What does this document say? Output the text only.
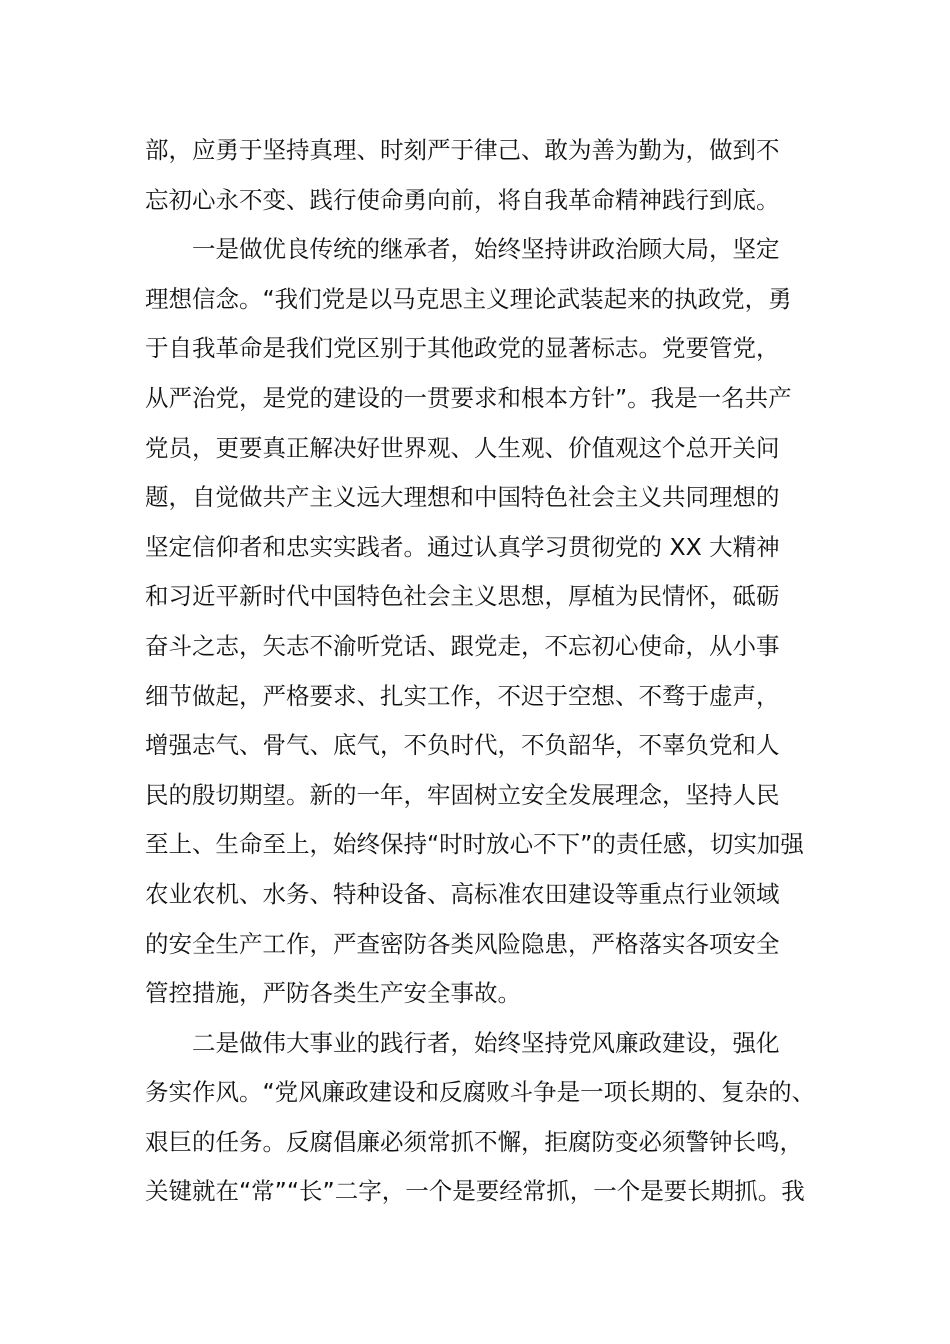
部，应勇于坚持真理、时刻严于律己、敢为善为勤为，做到不
忘初心永不变、践行使命勇向前，将自我革命精神践行到底。
一是做优良传统的继承者，始终坚持讲政治顾大局，坚定
理想信念。“我们党是以马克思主义理论武装起来的执政党，勇
于自我革命是我们党区别于其他政党的显著标志。党要管党，
从严治党，是党的建设的一贯要求和根本方针”。我是一名共产
党员，更要真正解决好世界观、人生观、价值观这个总开关问
题，自觉做共产主义远大理想和中国特色社会主义共同理想的
坚定信仰者和忠实实践者。通过认真学习贯彻党的 XX 大精神
和习近平新时代中国特色社会主义思想，厚植为民情怀，砥砺
奋斗之志，矢志不渝听党话、跟党走，不忘初心使命，从小事
细节做起，严格要求、扎实工作，不迟于空想、不骛于虚声，
增强志气、骨气、底气，不负时代，不负韶华，不辜负党和人
民的殷切期望。新的一年，牢固树立安全发展理念，坚持人民
至上、生命至上，始终保持“时时放心不下”的责任感，切实加强
农业农机、水务、特种设备、高标准农田建设等重点行业领域
的安全生产工作，严查密防各类风险隐患，严格落实各项安全
管控措施，严防各类生产安全事故。
二是做伟大事业的践行者，始终坚持党风廉政建设，强化
务实作风。“党风廉政建设和反腐败斗争是一项长期的、复杂的、
艰巨的任务。反腐倡廉必须常抓不懈，拒腐防变必须警钟长鸣，
关键就在“常”“长”二字，一个是要经常抓，一个是要长期抓。我
